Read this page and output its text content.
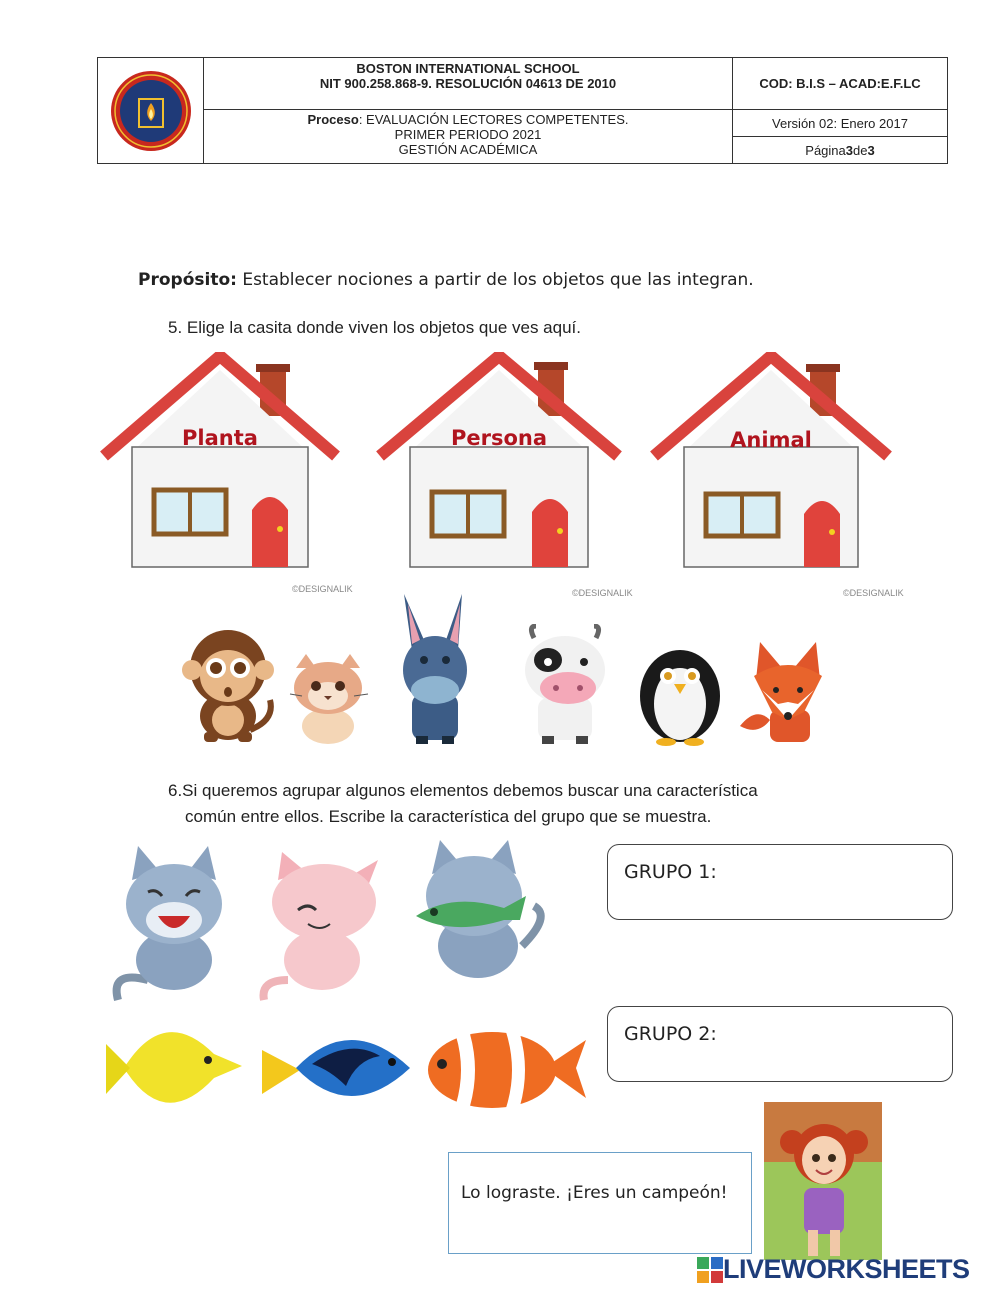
BOSTON INTERNATIONAL SCHOOL
NIT 900.258.868-9. RESOLUCIÓN 04613 DE 2010
Proceso: EVALUACIÓN LECTORES COMPETENTES.
PRIMER PERIODO 2021
GESTIÓN ACADÉMICA
COD: B.I.S – ACAD:E.F.LC
Versión 02: Enero 2017
Página 3 de 3
Propósito: Establecer nociones a partir de los objetos que las integran.
5. Elige la casita donde viven los objetos que ves aquí.
Planta
©DESIGNALIK
Persona
©DESIGNALIK
Animal
©DESIGNALIK
6.Si queremos agrupar algunos elementos debemos buscar una característica
común entre ellos. Escribe la característica del grupo que se muestra.
GRUPO 1:
GRUPO 2:
Lo lograste. ¡Eres un campeón!
LIVEWORKSHEETS
